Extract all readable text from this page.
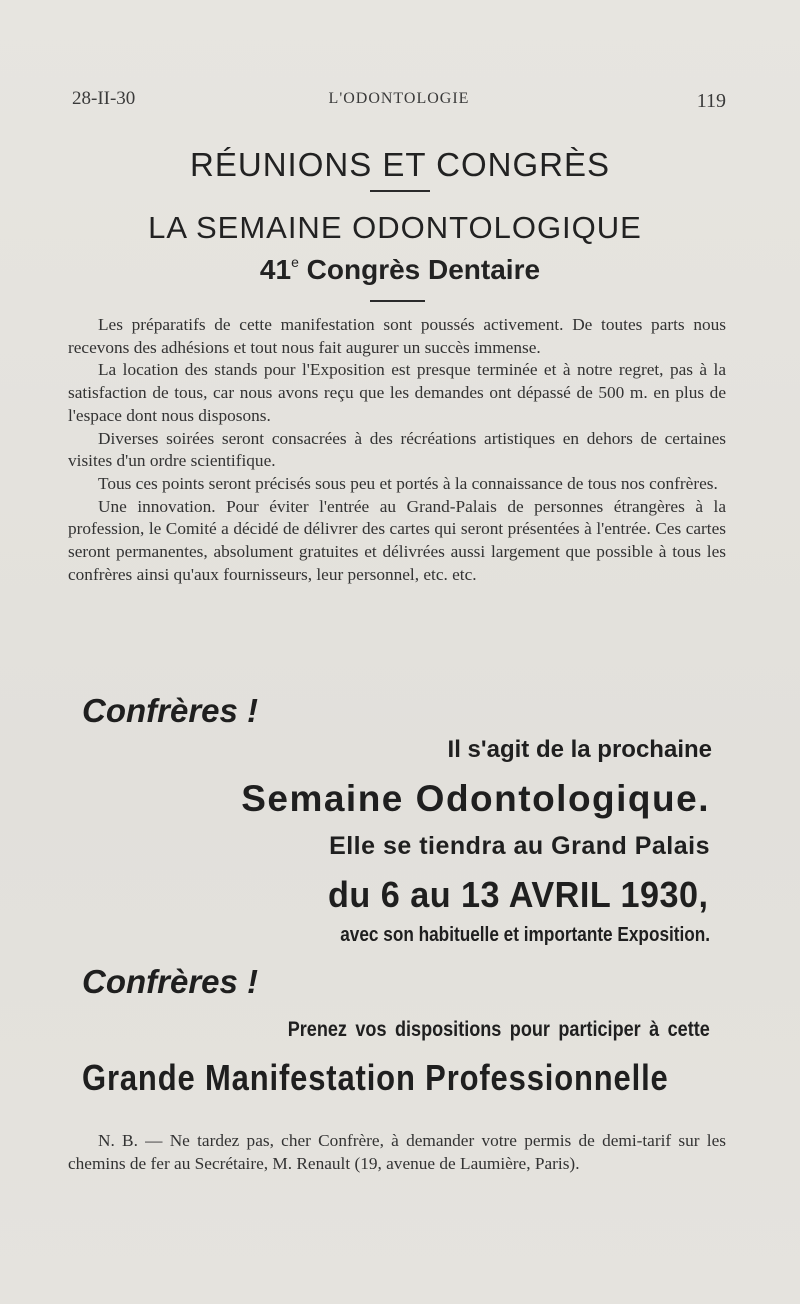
28-II-30	L'ODONTOLOGIE	119
RÉUNIONS ET CONGRÈS
LA SEMAINE ODONTOLOGIQUE
41e Congrès Dentaire

Les préparatifs de cette manifestation sont poussés activement. De toutes parts nous recevons des adhésions et tout nous fait augurer un succès immense.

La location des stands pour l'Exposition est presque terminée et à notre regret, pas à la satisfaction de tous, car nous avons reçu que les demandes ont dépassé de 500 m. en plus de l'espace dont nous disposons.

Diverses soirées seront consacrées à des récréations artistiques en dehors de certaines visites d'un ordre scientifique.

Tous ces points seront précisés sous peu et portés à la connaissance de tous nos confrères.

Une innovation. Pour éviter l'entrée au Grand-Palais de personnes étrangères à la profession, le Comité a décidé de délivrer des cartes qui seront présentées à l'entrée. Ces cartes seront permanentes, absolument gratuites et délivrées aussi largement que possible à tous les confrères ainsi qu'aux fournisseurs, leur personnel, etc. etc.

Confrères !
Il s'agit de la prochaine
Semaine Odontologique.
Elle se tiendra au Grand Palais
du 6 au 13 AVRIL 1930,
avec son habituelle et importante Exposition.
Confrères !
Prenez vos dispositions pour participer à cette
Grande Manifestation Professionnelle

N. B. — Ne tardez pas, cher Confrère, à demander votre permis de demi-tarif sur les chemins de fer au Secrétaire, M. Renault (19, avenue de Laumière, Paris).
